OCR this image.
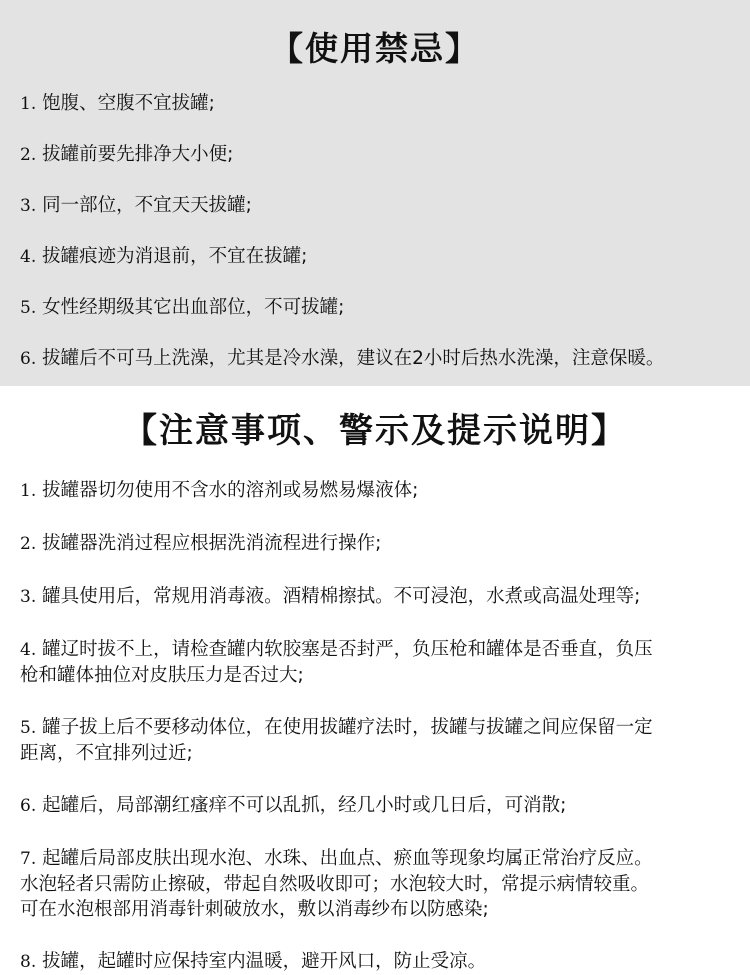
【使用禁忌】
1. 饱腹、空腹不宜拔罐;
2. 拔罐前要先排净大小便;
3. 同一部位，不宜天天拔罐;
4. 拔罐痕迹为消退前，不宜在拔罐;
5. 女性经期级其它出血部位，不可拔罐;
6. 拔罐后不可马上洗澡，尤其是冷水澡，建议在2小时后热水洗澡，注意保暖。
【注意事项、警示及提示说明】
1. 拔罐器切勿使用不含水的溶剂或易燃易爆液体;
2. 拔罐器洗消过程应根据洗消流程进行操作;
3. 罐具使用后，常规用消毒液。酒精棉擦拭。不可浸泡，水煮或高温处理等;
4. 罐辽时拔不上，请检查罐内软胶塞是否封严，负压枪和罐体是否垂直，负压
枪和罐体抽位对皮肤压力是否过大;
5. 罐子拔上后不要移动体位，在使用拔罐疗法时，拔罐与拔罐之间应保留一定
距离，不宜排列过近;
6. 起罐后，局部潮红瘙痒不可以乱抓，经几小时或几日后，可消散;
7. 起罐后局部皮肤出现水泡、水珠、出血点、瘀血等现象均属正常治疗反应。
水泡轻者只需防止擦破，带起自然吸收即可；水泡较大时，常提示病情较重。
可在水泡根部用消毒针刺破放水，敷以消毒纱布以防感染;
8. 拔罐，起罐时应保持室内温暖，避开风口，防止受凉。
